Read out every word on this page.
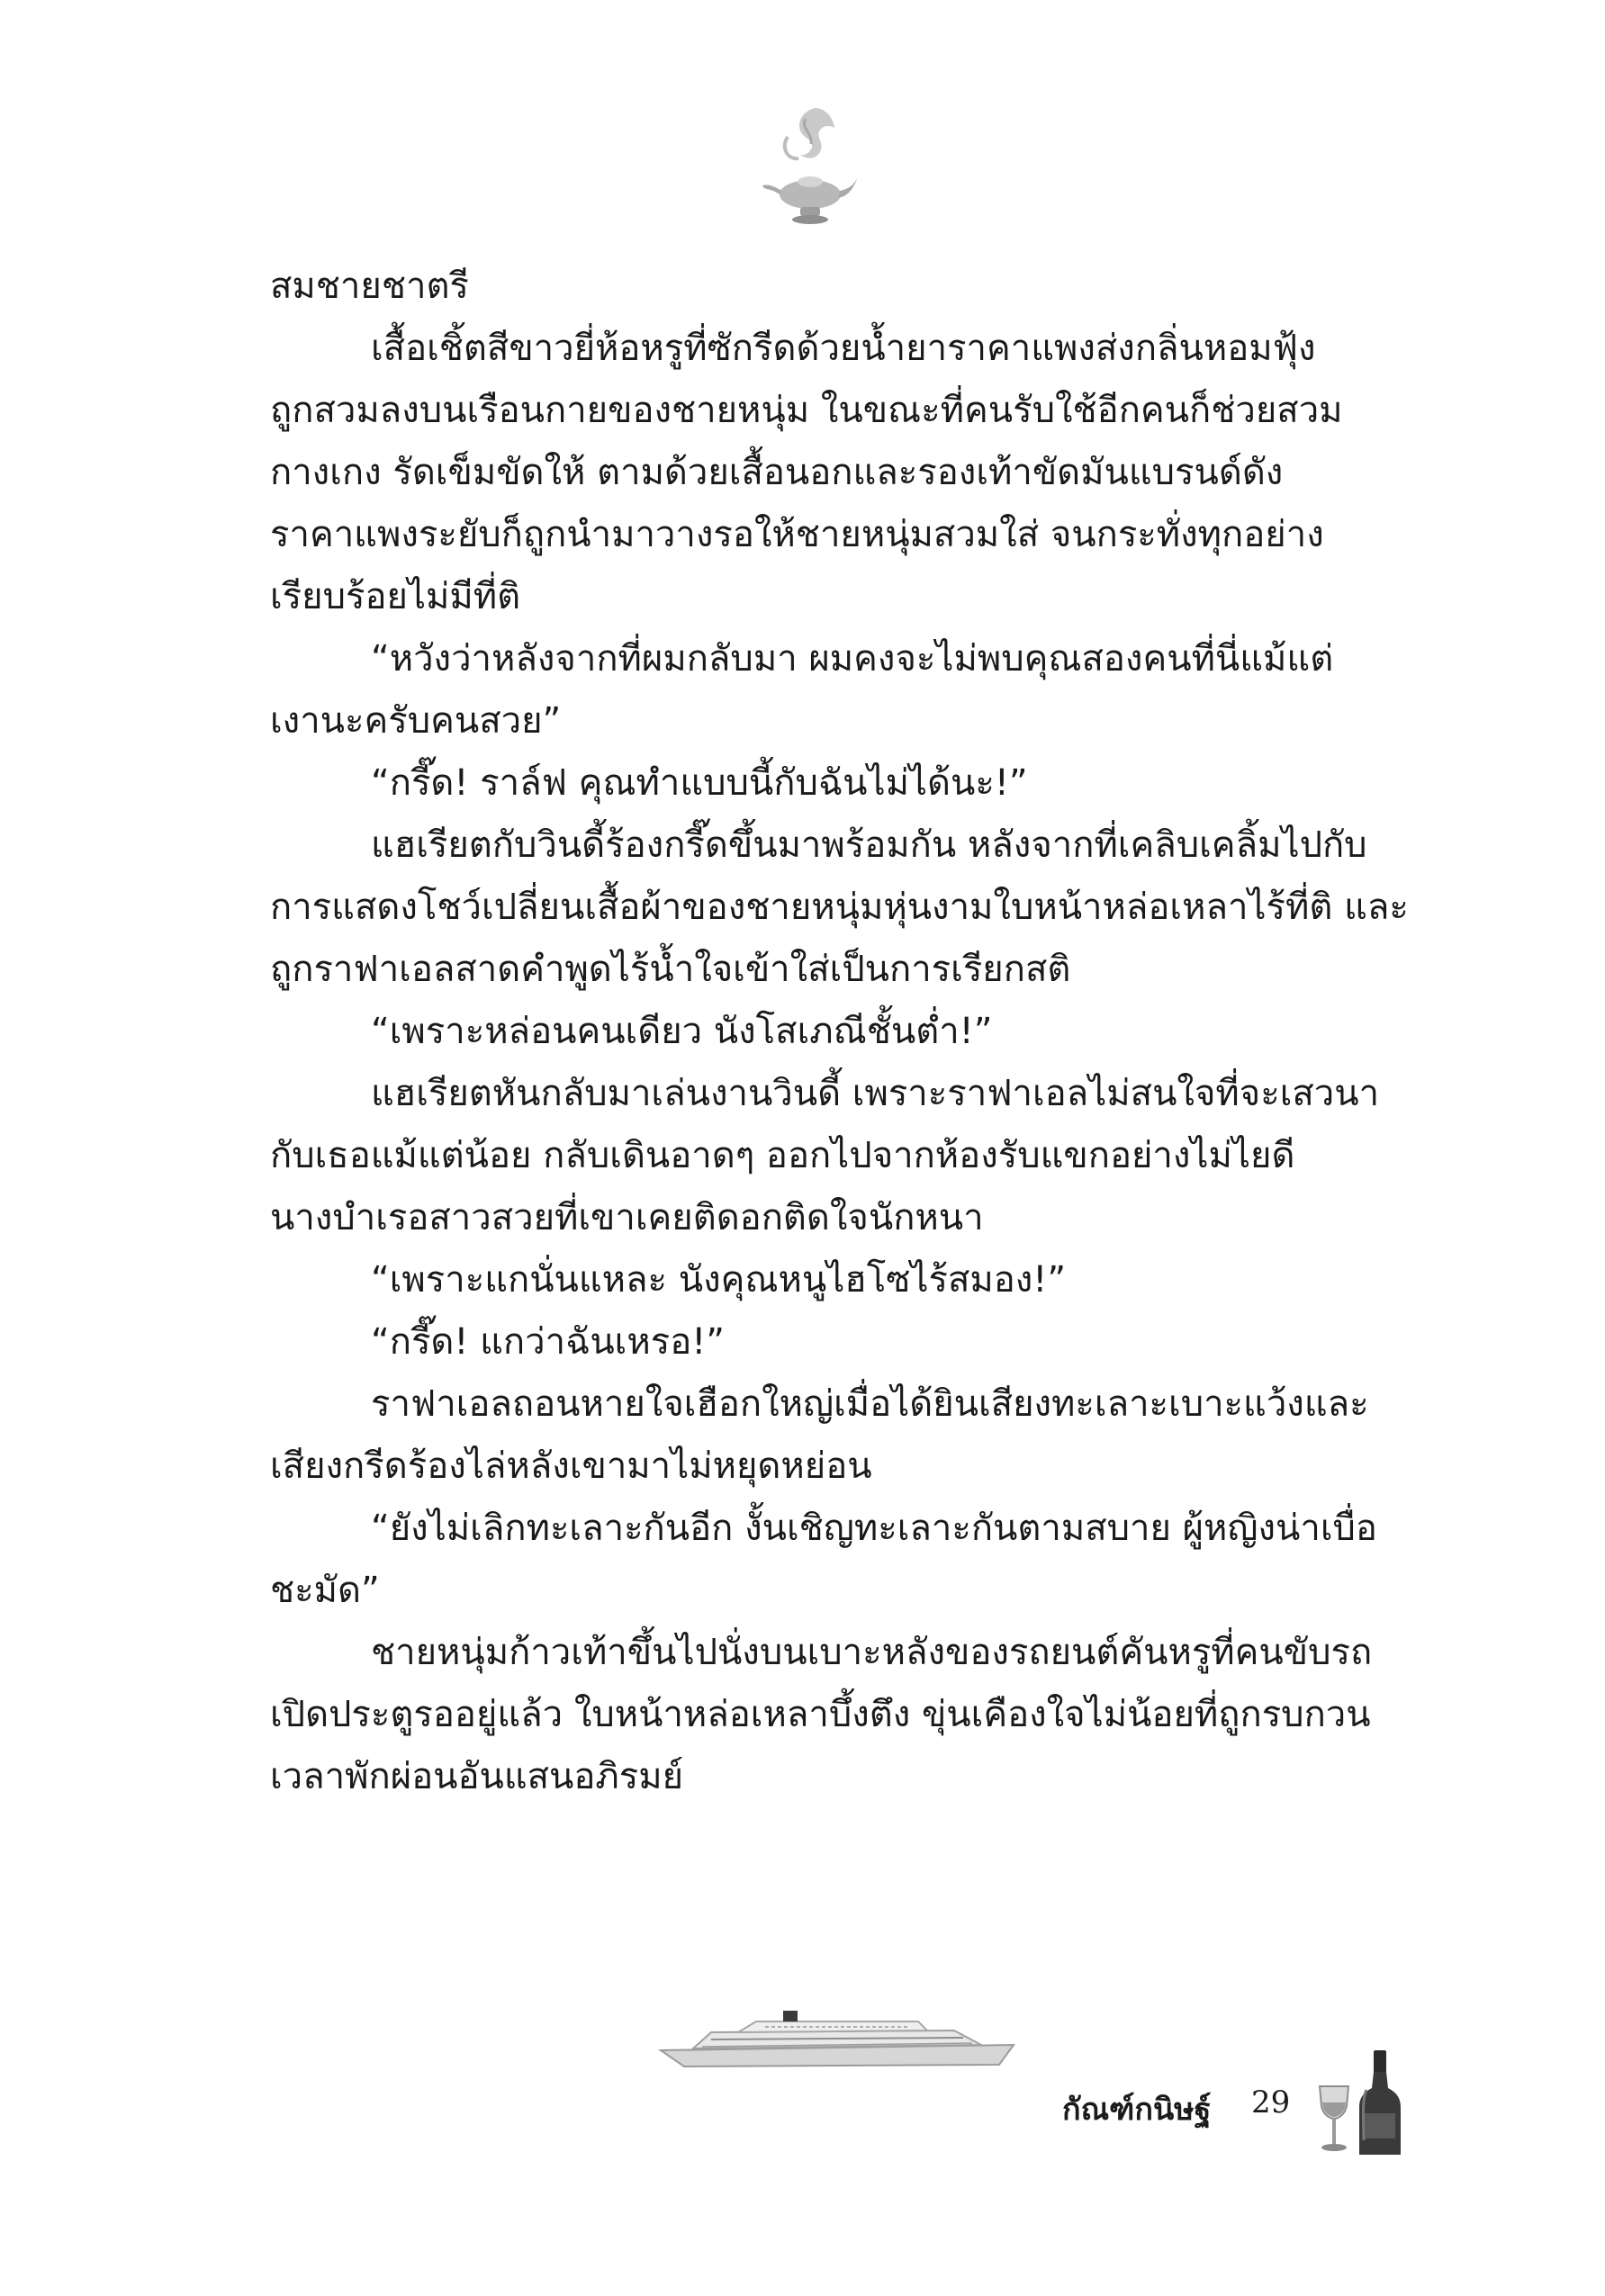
สมชายชาตรี
เสื้อเชิ้ตสีขาวยี่ห้อหรูที่ซักรีดด้วยน้ำยาราคาแพงส่งกลิ่นหอมฟุ้ง
ถูกสวมลงบนเรือนกายของชายหนุ่ม ในขณะที่คนรับใช้อีกคนก็ช่วยสวม
กางเกง รัดเข็มขัดให้ ตามด้วยเสื้อนอกและรองเท้าขัดมันแบรนด์ดัง
ราคาแพงระยับก็ถูกนำมาวางรอให้ชายหนุ่มสวมใส่ จนกระทั่งทุกอย่าง
เรียบร้อยไม่มีที่ติ
“หวังว่าหลังจากที่ผมกลับมา ผมคงจะไม่พบคุณสองคนที่นี่แม้แต่
เงานะครับคนสวย”
“กรี๊ด! ราล์ฟ คุณทำแบบนี้กับฉันไม่ได้นะ!”
แฮเรียตกับวินดี้ร้องกรี๊ดขึ้นมาพร้อมกัน หลังจากที่เคลิบเคลิ้มไปกับ
การแสดงโชว์เปลี่ยนเสื้อผ้าของชายหนุ่มหุ่นงามใบหน้าหล่อเหลาไร้ที่ติ และ
ถูกราฟาเอลสาดคำพูดไร้น้ำใจเข้าใส่เป็นการเรียกสติ
“เพราะหล่อนคนเดียว นังโสเภณีชั้นต่ำ!”
แฮเรียตหันกลับมาเล่นงานวินดี้ เพราะราฟาเอลไม่สนใจที่จะเสวนา
กับเธอแม้แต่น้อย กลับเดินอาดๆ ออกไปจากห้องรับแขกอย่างไม่ไยดี
นางบำเรอสาวสวยที่เขาเคยติดอกติดใจนักหนา
“เพราะแกนั่นแหละ นังคุณหนูไฮโซไร้สมอง!”
“กรี๊ด! แกว่าฉันเหรอ!”
ราฟาเอลถอนหายใจเฮือกใหญ่เมื่อได้ยินเสียงทะเลาะเบาะแว้งและ
เสียงกรีดร้องไล่หลังเขามาไม่หยุดหย่อน
“ยังไม่เลิกทะเลาะกันอีก งั้นเชิญทะเลาะกันตามสบาย ผู้หญิงน่าเบื่อ
ชะมัด”
ชายหนุ่มก้าวเท้าขึ้นไปนั่งบนเบาะหลังของรถยนต์คันหรูที่คนขับรถ
เปิดประตูรออยู่แล้ว ใบหน้าหล่อเหลาบึ้งตึง ขุ่นเคืองใจไม่น้อยที่ถูกรบกวน
เวลาพักผ่อนอันแสนอภิรมย์
กัณฑ์กนิษฐ์ 29
